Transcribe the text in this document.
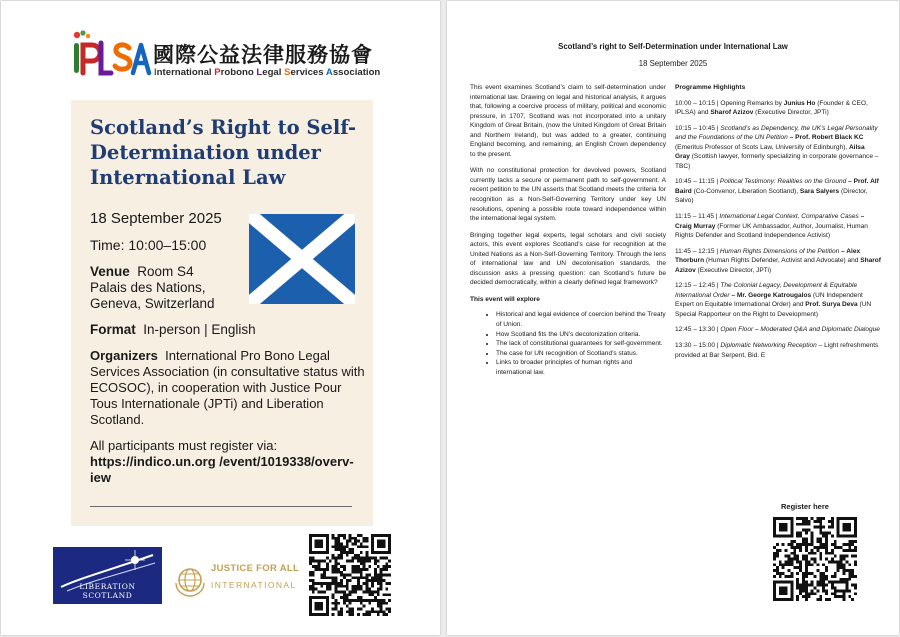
國際公益法律服務協會
International Probono Legal Services Association
Scotland’s Right to Self-Determination under International Law
18 September 2025
Time: 10:00–15:00
Venue Room S4
Palais des Nations,
Geneva, Switzerland
Format In-person | English
Organizers International Pro Bono Legal Services Association (in consultative status with ECOSOC), in cooperation with Justice Pour Tous Internationale (JPTi) and Liberation Scotland.
All participants must register via:
https://indico.un.org /event/1019338/overv-iew
LIBERATION SCOTLAND
JUSTICE FOR ALL
INTERNATIONAL
Scotland’s right to Self-Determination under International Law
18 September 2025

This event examines Scotland’s claim to self-determination under international law. Drawing on legal and historical analysis, it argues that, following a coercive process of military, political and economic pressure, in 1707, Scotland was not incorporated into a unitary Kingdom of Great Britain, (now the United Kingdom of Great Britain and Northern Ireland), but was added to a greater, continuing England becoming, and remaining, an English Crown dependency to the present.

With no constitutional protection for devolved powers, Scotland currently lacks a secure or permanent path to self-government. A recent petition to the UN asserts that Scotland meets the criteria for recognition as a Non-Self-Governing Territory under key UN resolutions, opening a possible route toward independence within the international legal system.

Bringing together legal experts, legal scholars and civil society actors, this event explores Scotland’s case for recognition at the United Nations as a Non-Self-Governing Territory. Through the lens of international law and UN decolonisation standards, the discussion asks a pressing question: can Scotland’s future be decided democratically, within a clearly defined legal framework?

This event will explore
• Historical and legal evidence of coercion behind the Treaty of Union.
• How Scotland fits the UN’s decolonization criteria.
• The lack of constitutional guarantees for self-government.
• The case for UN recognition of Scotland’s status.
• Links to broader principles of human rights and international law.
Programme Highlights
10:00 – 10:15 | Opening Remarks by Junius Ho (Founder & CEO, IPLSA) and Sharof Azizov (Executive Director, JPTi)
10:15 – 10:45 | Scotland’s as Dependency, the UK’s Legal Personality and the Foundations of the UN Petition – Prof. Robert Black KC (Emeritus Professor of Scots Law, University of Edinburgh), Ailsa Gray (Scottish lawyer, formerly specializing in corporate governance – TBC)
10:45 – 11:15 | Political Testimony: Realities on the Ground – Prof. Alf Baird (Co-Convenor, Liberation Scotland), Sara Salyers (Director, Salvo)
11:15 – 11:45 | International Legal Context, Comparative Cases – Craig Murray (Former UK Ambassador, Author, Journalist, Human Rights Defender and Scotland Independence Activist)
11:45 – 12:15 | Human Rights Dimensions of the Petition – Alex Thorburn (Human Rights Defender, Activist and Advocate) and Sharof Azizov (Executive Director, JPTi)
12:15 – 12:45 | The Colonial Legacy, Development & Equitable International Order – Mr. George Katrougalos (UN Independent Expert on Equitable International Order) and Prof. Surya Deva (UN Special Rapporteur on the Right to Development)
12:45 – 13:30 | Open Floor – Moderated Q&A and Diplomatic Dialogue
13:30 – 15:00 | Diplomatic Networking Reception – Light refreshments provided at Bar Serpent, Bid. E
Register here
